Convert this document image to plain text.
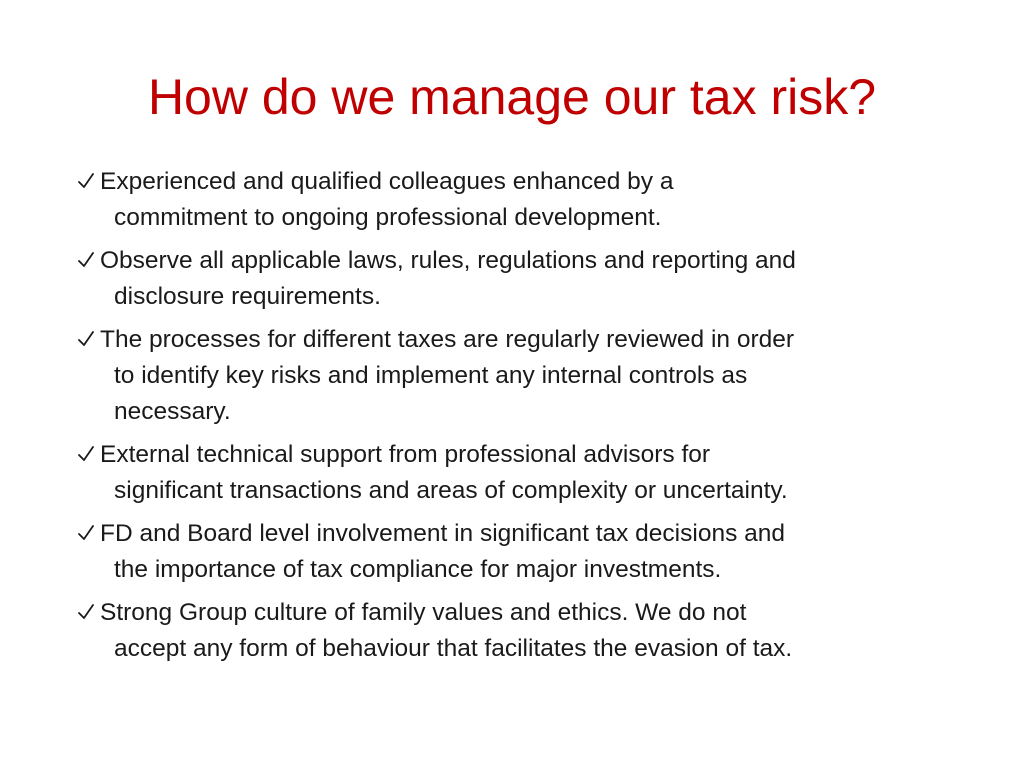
How do we manage our tax risk?
Experienced and qualified colleagues enhanced by a
commitment to ongoing professional development.
Observe all applicable laws, rules, regulations and reporting and
disclosure requirements.
The processes for different taxes are regularly reviewed in order
to identify key risks and implement any internal controls as
necessary.
External technical support from professional advisors for
significant transactions and areas of complexity or uncertainty.
FD and Board level involvement in significant tax decisions and
the importance of tax compliance for major investments.
Strong Group culture of family values and ethics. We do not
accept any form of behaviour that facilitates the evasion of tax.
